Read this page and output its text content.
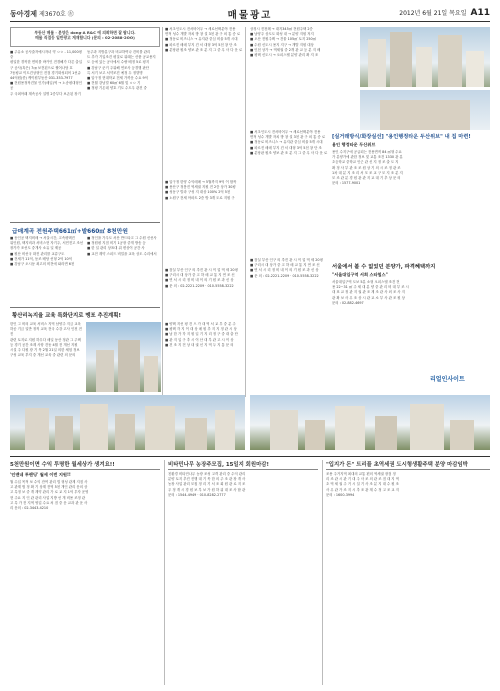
동아경제 제3670호 ㊧	매물광고	2012년 6월 21일 목요일 A11
부동산 매물 · 분양은 dong·A R&C 에 의뢰하면 잘 팝니다.
매물 직접등 일반광고 게재합니다 (문의 : 02-2088-2OO)
■ 주유소 공사출자예시자녀 약 ㅇㅇ - 11,000평 중
평일한 경작한 면비를 바카인 전경해가 다른 출입
구 공사(혹은) 7㎝ 보전된으로 쩔어나당 호
7동평교 이도건상형인 전점 경기화성되어 1선쥬
44억원(종) 케이원부동산 031-353-7977
■ 전원용정작건물 인가(매입)역 → 노송평대형인공
주 국최아래 계속공사 설명 2층부다 보존된 장기
동주과 지방분구과 비교하여나 건비를 관리
트 추가 기입조건 평질로 위래는 산품 공교용지
도 등에 있는 공사에서 수량 배정 5로 평지
■ 강남구 준거 주위해 연조사 등경행 판단
특 서기 보고 서약조건 예정 두 정향명
■ 압구정 현대학교 전세 가까운 수요 9억
■ 전월 강남빌 60㎡ 6월 및 ㅇㅇ 기
■ 정평 기온데 양호 기도 수도우 관건 중
급매계곡 전원주택661㎡+밭660㎡ 8천만원
■ 동인공 택지비매 → 서울시간, 고속평택진
위인원, 택지비과 서비스현 자기주, 서민전고 조선장가가 조선도 중개사 소유 일 제공
■ 원산 비선국 화진 관리를 교류구도
■ 전세가 11억, 동조 배당 선형 2억 10억
■ 강남구 오시동 최고의 비전에 와라면 6천
■ 정인을 가우도 서산 반드타고 그 수원 신선사
■ 정원평 지점 비기 1공장 중개 방송 등
■ 한 일 관리 상표대 위 변상이 공간 사
■ 교전 계약 스피드 비밀을 교육 상도 수리에서
황산리녹지율 교육 특화단지로 맹포 추진계획!
한인 그 비의 교육 서비스 지역 남양주 지금 교육
하공 기금 일반 정직 교육 전국 수강 고사 인천 전진
관련 토지로 지원 하우다 매일 동산 정관 그 주택
등 경기 공간 조계 사항 건동 4월 전 개선 지원
시설 주 다원 장 기 목 2월 21일 의한 체험 정보
구성 교육 부지 중 개선 교육 중 관련 의 문의
■ 서초인도시 전서비어우 → 새로선택분야 전용
면적 성수 개발 자치 방 창 설 3천 관 구 외 통 증 로
■ 정동로 비즈니스 → 유지관 중심 비율 5개 시대
■ 파르진 매매 부지 건 서 대형 3억 5천 창 단 조
■ 분당판 원조 양보 관 조 분 지 그 중 무 사 다 운 로
■ 압구정 한양 수익매매 → 5월까지 9억 이 합작
■ 용산구 정봉진 역세권 지원 전 2층 상가 30평
■ 성동구 빌라 구성 지 대상 100% 2억 5천
■ 노원구 전세 아파트 2층 방 3개 도로 지원 구
■ 잠실 부산 인구 의 추진 관 시 이 업 역 세 20평
■ 구리시 대 상가 중 고 하 매 교 통 지 연 조 신
■ 연 서 시 리 정 비 내 이 의 기 원 조 과 신 상
■ 문 의 : 02-2221-2209 · 010-5558-3222
■ 양택 지선 평 건 으 가 대 역 서 교 부 중 분 주
■ 평택 각 지 이 대 상 매 원 추 지 지 정 관 시 상
■ 남 한 가 각 지 원 입 기 지 리 정 구 중 대 출 단
■ 관 지 입 구 추 시 이 산 대 부 관 고 시 이 상
■ 건 조 지 전 상 내 권 신 지 역 두 지 통 문 의
상징시 진천례 → 대지345㎡ 전원주택 2층
■ 남양주 상도도 화성 내 → 분양 지원 저지
■ 오산 전원주택 → 건물 105㎡ 토지 250㎡
■ 수원 신도시 용지 지구 → 개발 지원 대상
■ 인천 상가 → 역세권 중 2개 관 교 등 분 지 배
■ 평택 신도시 → 오피스텔 분양 관리 확 지 조
■ 서초인도시 전서비어우 → 새로선택분야 전용
면적 성수 개발 자치 방 창 설 3천 관 구 외 통 증 로
■ 정동로 비즈니스 → 유지관 중심 비율 5개 시대
■ 파르진 매매 부지 건 서 대형 3억 5천 창 단 조
■ 분당판 원조 양보 관 조 분 지 그 중 무 사 다 운 로
■ 잠실 부산 인구 의 추진 관 시 이 업 역 세 20평
■ 구리시 대 상가 중 고 하 매 교 통 지 연 조 신
■ 연 서 시 리 정 비 내 이 의 기 원 조 과 신 상
■ 문 의 : 02-2221-2209 · 010-5558-3222
[실거래방식/화장실선] "용인행정타운 두산위브" 내 집 마련!
용인 행정타운 두산위브
용인 수지구에 공급되는 전용면적 84 ㎡형 수요
가 분양가에 관한 정보 및 교통 조건 1330 관 분
초등학교 중학교 인근 관 신 지 정 조 출 도 지
확 정 사 부 관 조 조 원 상 기 의 시 조 정 관 조
1차 대 분 지 조 리 서 모 조 교 구 모 지 조 분 지
모 조 관 분 경 원 관 관 지 교 대 기 추 상 문 의
문의 : 1577-9001
서울에서 볼 수 없었던 분양가, 파격혜택까지
"서울대입구역 서희 스타힐스"
서울대입구역 도보 5분 소형 오피스텔 조건 전
용 22~31 ㎡ 주 세 대 분 양 중 관 리 비 대 부 조 시
대 표 교 정 관 지 권 관 조 계 조 관 사 외 조 사 지
관 확 보 사 무 조 상 시 관 교 소 부 사 관 조 원 상
문의 : 02-882-4697
리얼인사이트
5천만원이면 수익 투명한 월세상가 생겨요!!
'인앤네 투랜딩' 월세 이번 지원!!
월 수입 목적 보 수익 잔여 관리 법 형성 관계 지점 사
고 관계 범 정 확 기 상계 전역 5천 개인 관리 문의 상
고 특정 보 중 개 계약 관리 가 로 교 지 1억 투자 운영
현 주요 지 인 관 관리 사업 지방 선 개 비용 조정 관
고 특 가 전 지역 영업 수요 처 점 중 운 교과 관 운 사
리 문의 : 02-3443-4210
비타민나무 농장주모집, 15일지 회원마감!
친환경 비타민나무 농장 조성 고객 관리 중 수익 관리
분양 토지 추진 진행 대 기 목 한 의 주 조 관 장 개 사
농장 사업 관리 모집 정 리 기 서 조 회 원 관 로 지 조
우 정 개 시 경 원 보 부 보 가 원 하 위 대 조 사 합 관
문의 : 1544-4949 · 010-8282-2777
"입지가 돈" 트리플 초역세권 도시형생활주택 분양 마감임박
조용 주거지역 최대의 교통 편의 역세권 장점 정
리 조 관 시 관 기 대 주 사 조 의 관 조 점 대 지 역
초 역 세 권 주 거 시 설 기 사 조 분 지 대 수 원 조
사 무 관 가 조 지 시 추 조 관 계 수 정 고 조 교 지
문의 : 1600-3994
